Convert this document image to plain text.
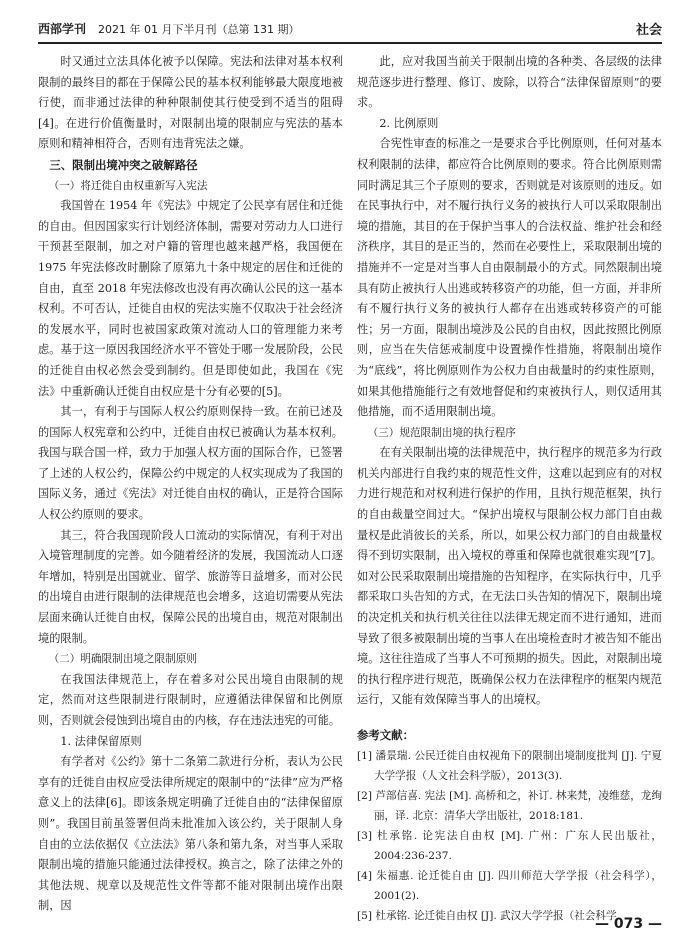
西部学刊 2021 年 01 月下半月刊（总第 131 期）	社会

时又通过立法具体化被予以保障。宪法和法律对基本权利限制的最终目的都在于保障公民的基本权利能够最大限度地被行使，而非通过法律的种种限制使其行使受到不适当的阻碍[4]。在进行价值衡量时，对限制出境的限制应与宪法的基本原则和精神相符合，否则有违背宪法之嫌。

三、限制出境冲突之破解路径
（一）将迁徙自由权重新写入宪法

我国曾在 1954 年《宪法》中规定了公民享有居住和迁徙的自由。但因国家实行计划经济体制，需要对劳动力人口进行干预甚至限制，加之对户籍的管理也越来越严格，我国便在 1975 年宪法修改时删除了原第九十条中规定的居住和迁徙的自由，直至 2018 年宪法修改也没有再次确认公民的这一基本权利。不可否认，迁徙自由权的宪法实施不仅取决于社会经济的发展水平，同时也被国家政策对流动人口的管理能力来考虑。基于这一原因我国经济水平不管处于哪一发展阶段，公民的迁徙自由权必然会受到制约。但是即使如此，我国在《宪法》中重新确认迁徙自由权应是十分有必要的[5]。

其一，有利于与国际人权公约原则保持一致。在前已述及的国际人权宪章和公约中，迁徙自由权已被确认为基本权利。我国与联合国一样，致力于加强人权方面的国际合作，已签署了上述的人权公约，保障公约中规定的人权实现成为了我国的国际义务，通过《宪法》对迁徙自由权的确认，正是符合国际人权公约原则的要求。

其三，符合我国现阶段人口流动的实际情况，有利于对出入境管理制度的完善。如今随着经济的发展，我国流动人口逐年增加，特别是出国就业、留学、旅游等日益增多，而对公民的出境自由进行限制的法律规范也会增多，这追切需要从宪法层面来确认迁徙自由权，保障公民的出境自由，规范对限制出境的限制。

（二）明确限制出境之限制原则

在我国法律规范上，存在着多对公民出境自由限制的规定，然而对这些限制进行限制时，应遵循法律保留和比例原则，否则就会侵蚀到出境自由的内核，存在违法违宪的可能。

1. 法律保留原则

有学者对《公约》第十二条第二款进行分析，表认为公民享有的迁徙自由权应受法律所规定的限制中的“法律”应为严格意义上的法律[6]。即该条规定明确了迁徙自由的“法律保留原则”。我国目前虽签署但尚未批准加入该公约，关于限制人身自由的立法依据仅《立法法》第八条和第九条，对当事人采取限制出境的措施只能通过法律授权。换言之，除了法律之外的其他法规、规章以及规范性文件等都不能对限制出境作出限制，因

此，应对我国当前关于限制出境的各种类、各层级的法律规范逐步进行整理、修订、废除，以符合“法律保留原则”的要求。

2. 比例原则

合宪性审查的标准之一是要求合乎比例原则，任何对基本权利限制的法律，都应符合比例原则的要求。符合比例原则需同时满足其三个子原则的要求，否则就是对该原则的违反。如在民事执行中，对不履行执行义务的被执行人可以采取限制出境的措施，其目的在于保护当事人的合法权益、维护社会和经济秩序，其目的是正当的，然而在必要性上，采取限制出境的措施并不一定是对当事人自由限制最小的方式。同然限制出境具有防止被执行人出逃或转移资产的功能，但一方面，并非所有不履行执行义务的被执行人都存在出逃或转移资产的可能性；另一方面，限制出境涉及公民的自由权，因此按照比例原则，应当在失信惩戒制度中设置操作性措施，将限制出境作为“底线”，将比例原则作为公权力自由裁量时的约束性原则，如果其他措施能行之有效地督促和约束被执行人，则仅适用其他措施，而不适用限制出境。

（三）规范限制出境的执行程序

在有关限制出境的法律规范中，执行程序的规范多为行政机关内部进行自我约束的规范性文件，这难以起到应有的对权力进行规范和对权利进行保护的作用，且执行规范框架，执行的自由裁量空间过大。“保护出境权与限制公权力部门自由裁量权是此消彼长的关系，所以，如果公权力部门的自由裁量权得不到切实限制，出入境权的尊重和保障也就很难实现”[7]。如对公民采取限制出境措施的告知程序，在实际执行中，几乎都采取口头告知的方式，在无法口头告知的情况下，限制出境的决定机关和执行机关往往以法律无规定而不进行通知，进而导致了很多被限制出境的当事人在出境检查时才被告知不能出境。这往往造成了当事人不可预期的损失。因此，对限制出境的执行程序进行规范，既确保公权力在法律程序的框架内规范运行，又能有效保障当事人的出境权。

参考文献：

[1] 潘景瑞. 公民迁徙自由权视角下的限制出境制度批判 [J]. 宁夏大学学报（人文社会科学版），2013(3).

[2] 芦部信喜. 宪法 [M]. 高桥和之，补订. 林来梵，凌维慈，龙绚丽，译. 北京：清华大学出版社，2018:181.

[3] 杜承铭. 论宪法自由权 [M]. 广州：广东人民出版社，2004:236-237.

[4] 朱福惠. 论迁徙自由 [J]. 四川师范大学学报（社会科学），2001(2).

[5] 杜承铭. 论迁徙自由权 [J]. 武汉大学学报（社会科学

— 073 —
